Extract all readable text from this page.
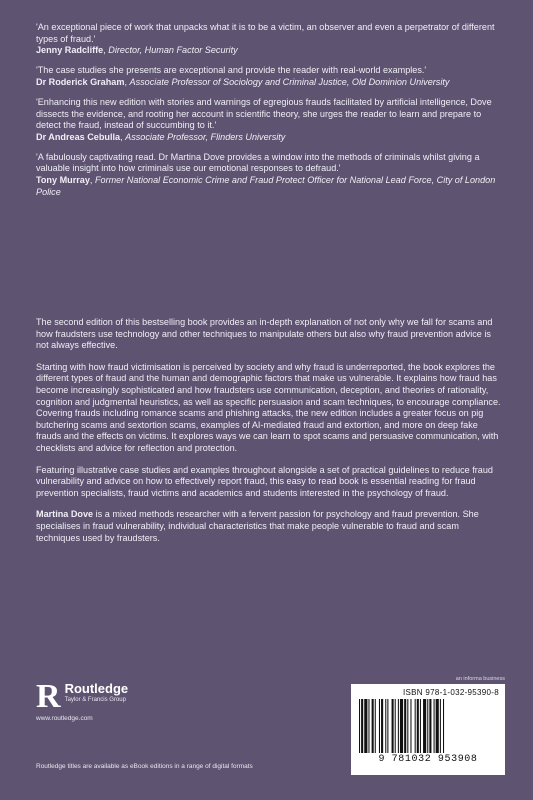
'An exceptional piece of work that unpacks what it is to be a victim, an observer and even a perpetrator of different types of fraud.'

Jenny Radcliffe, Director, Human Factor Security

'The case studies she presents are exceptional and provide the reader with real-world examples.'

Dr Roderick Graham, Associate Professor of Sociology and Criminal Justice, Old Dominion University

'Enhancing this new edition with stories and warnings of egregious frauds facilitated by artificial intelligence, Dove dissects the evidence, and rooting her account in scientific theory, she urges the reader to learn and prepare to detect the fraud, instead of succumbing to it.'

Dr Andreas Cebulla, Associate Professor, Flinders University

'A fabulously captivating read. Dr Martina Dove provides a window into the methods of criminals whilst giving a valuable insight into how criminals use our emotional responses to defraud.'

Tony Murray, Former National Economic Crime and Fraud Protect Officer for National Lead Force, City of London Police

The second edition of this bestselling book provides an in-depth explanation of not only why we fall for scams and how fraudsters use technology and other techniques to manipulate others but also why fraud prevention advice is not always effective.

Starting with how fraud victimisation is perceived by society and why fraud is underreported, the book explores the different types of fraud and the human and demographic factors that make us vulnerable. It explains how fraud has become increasingly sophisticated and how fraudsters use communication, deception, and theories of rationality, cognition and judgmental heuristics, as well as specific persuasion and scam techniques, to encourage compliance. Covering frauds including romance scams and phishing attacks, the new edition includes a greater focus on pig butchering scams and sextortion scams, examples of AI-mediated fraud and extortion, and more on deep fake frauds and the effects on victims. It explores ways we can learn to spot scams and persuasive communication, with checklists and advice for reflection and protection.

Featuring illustrative case studies and examples throughout alongside a set of practical guidelines to reduce fraud vulnerability and advice on how to effectively report fraud, this easy to read book is essential reading for fraud prevention specialists, fraud victims and academics and students interested in the psychology of fraud.

Martina Dove is a mixed methods researcher with a fervent passion for psychology and fraud prevention. She specialises in fraud vulnerability, individual characteristics that make people vulnerable to fraud and scam techniques used by fraudsters.

R Routledge
Taylor & Francis Group
www.routledge.com
Routledge titles are available as eBook editions in a range of digital formats
an informa business
ISBN 978-1-032-95390-8
9 781032 953908
